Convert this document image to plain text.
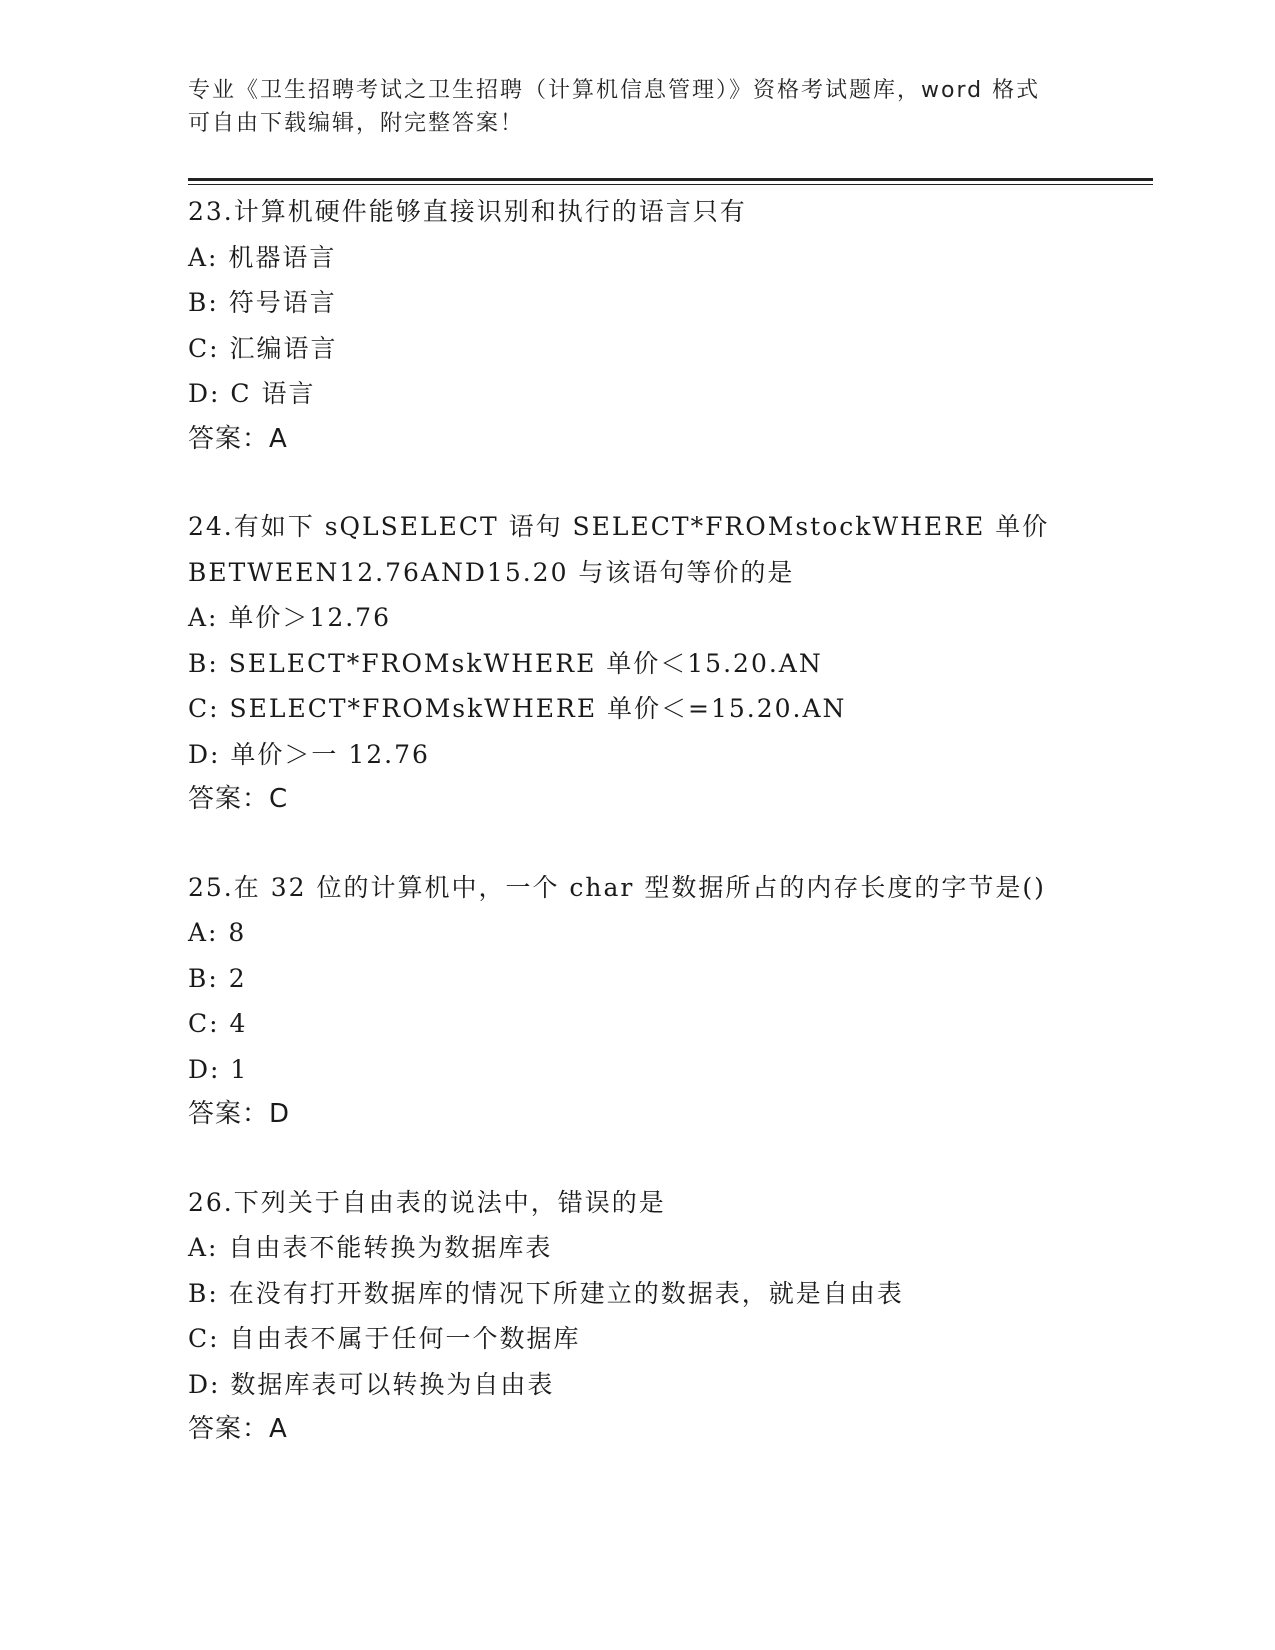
专业《卫生招聘考试之卫生招聘（计算机信息管理）》资格考试题库，word 格式
可自由下载编辑，附完整答案！
23.计算机硬件能够直接识别和执行的语言只有
A: 机器语言
B: 符号语言
C: 汇编语言
D: C 语言
答案：A
24.有如下 sQLSELECT 语句 SELECT*FROMstockWHERE 单价
BETWEEN12.76AND15.20 与该语句等价的是
A: 单价＞12.76
B: SELECT*FROMskWHERE 单价＜15.20.AN
C: SELECT*FROMskWHERE 单价＜=15.20.AN
D: 单价＞一 12.76
答案：C
25.在 32 位的计算机中，一个 char 型数据所占的内存长度的字节是()
A: 8
B: 2
C: 4
D: 1
答案：D
26.下列关于自由表的说法中，错误的是
A: 自由表不能转换为数据库表
B: 在没有打开数据库的情况下所建立的数据表，就是自由表
C: 自由表不属于任何一个数据库
D: 数据库表可以转换为自由表
答案：A
